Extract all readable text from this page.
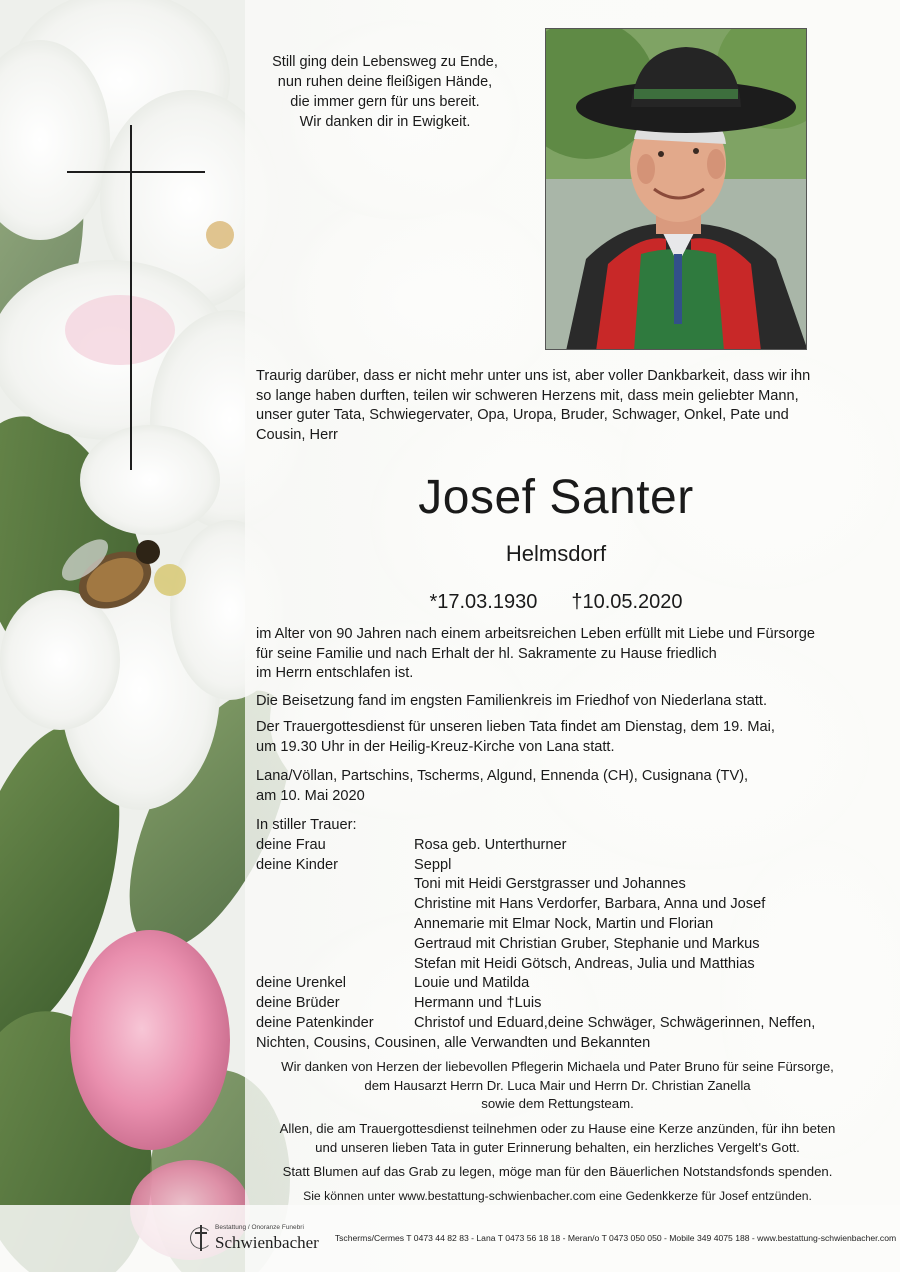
Still ging dein Lebensweg zu Ende,
nun ruhen deine fleißigen Hände,
die immer gern für uns bereit.
Wir danken dir in Ewigkeit.
Traurig darüber, dass er nicht mehr unter uns ist, aber voller Dankbarkeit, dass wir ihn
so lange haben durften, teilen wir schweren Herzens mit, dass mein geliebter Mann,
unser guter Tata, Schwiegervater, Opa, Uropa, Bruder, Schwager, Onkel, Pate und
Cousin, Herr
Josef Santer
Helmsdorf
*17.03.1930 †10.05.2020
im Alter von 90 Jahren nach einem arbeitsreichen Leben erfüllt mit Liebe und Fürsorge
für seine Familie und nach Erhalt der hl. Sakramente zu Hause friedlich
im Herrn entschlafen ist.
Die Beisetzung fand im engsten Familienkreis im Friedhof von Niederlana statt.
Der Trauergottesdienst für unseren lieben Tata findet am Dienstag, dem 19. Mai,
um 19.30 Uhr in der Heilig-Kreuz-Kirche von Lana statt.
Lana/Völlan, Partschins, Tscherms, Algund, Ennenda (CH), Cusignana (TV),
am 10. Mai 2020
In stiller Trauer:
deine Frau	Rosa geb. Unterthurner
deine Kinder	Seppl
Toni mit Heidi Gerstgrasser und Johannes
Christine mit Hans Verdorfer, Barbara, Anna und Josef
Annemarie mit Elmar Nock, Martin und Florian
Gertraud mit Christian Gruber, Stephanie und Markus
Stefan mit Heidi Götsch, Andreas, Julia und Matthias
deine Urenkel	Louie und Matilda
deine Brüder	Hermann und †Luis
deine Patenkinder	Christof und Eduard,deine Schwäger, Schwägerinnen, Neffen,
Nichten, Cousins, Cousinen, alle Verwandten und Bekannten
Wir danken von Herzen der liebevollen Pflegerin Michaela und Pater Bruno für seine Fürsorge,
dem Hausarzt Herrn Dr. Luca Mair und Herrn Dr. Christian Zanella
sowie dem Rettungsteam.
Allen, die am Trauergottesdienst teilnehmen oder zu Hause eine Kerze anzünden, für ihn beten
und unseren lieben Tata in guter Erinnerung behalten, ein herzliches Vergelt's Gott.
Statt Blumen auf das Grab zu legen, möge man für den Bäuerlichen Notstandsfonds spenden.
Sie können unter www.bestattung-schwienbacher.com eine Gedenkkerze für Josef entzünden.
Bestattung / Onoranze Funebri
Schwienbacher Tscherms/Cermes T 0473 44 82 83 - Lana T 0473 56 18 18 - Meran/o T 0473 050 050 - Mobile 349 4075 188 - www.bestattung-schwienbacher.com
